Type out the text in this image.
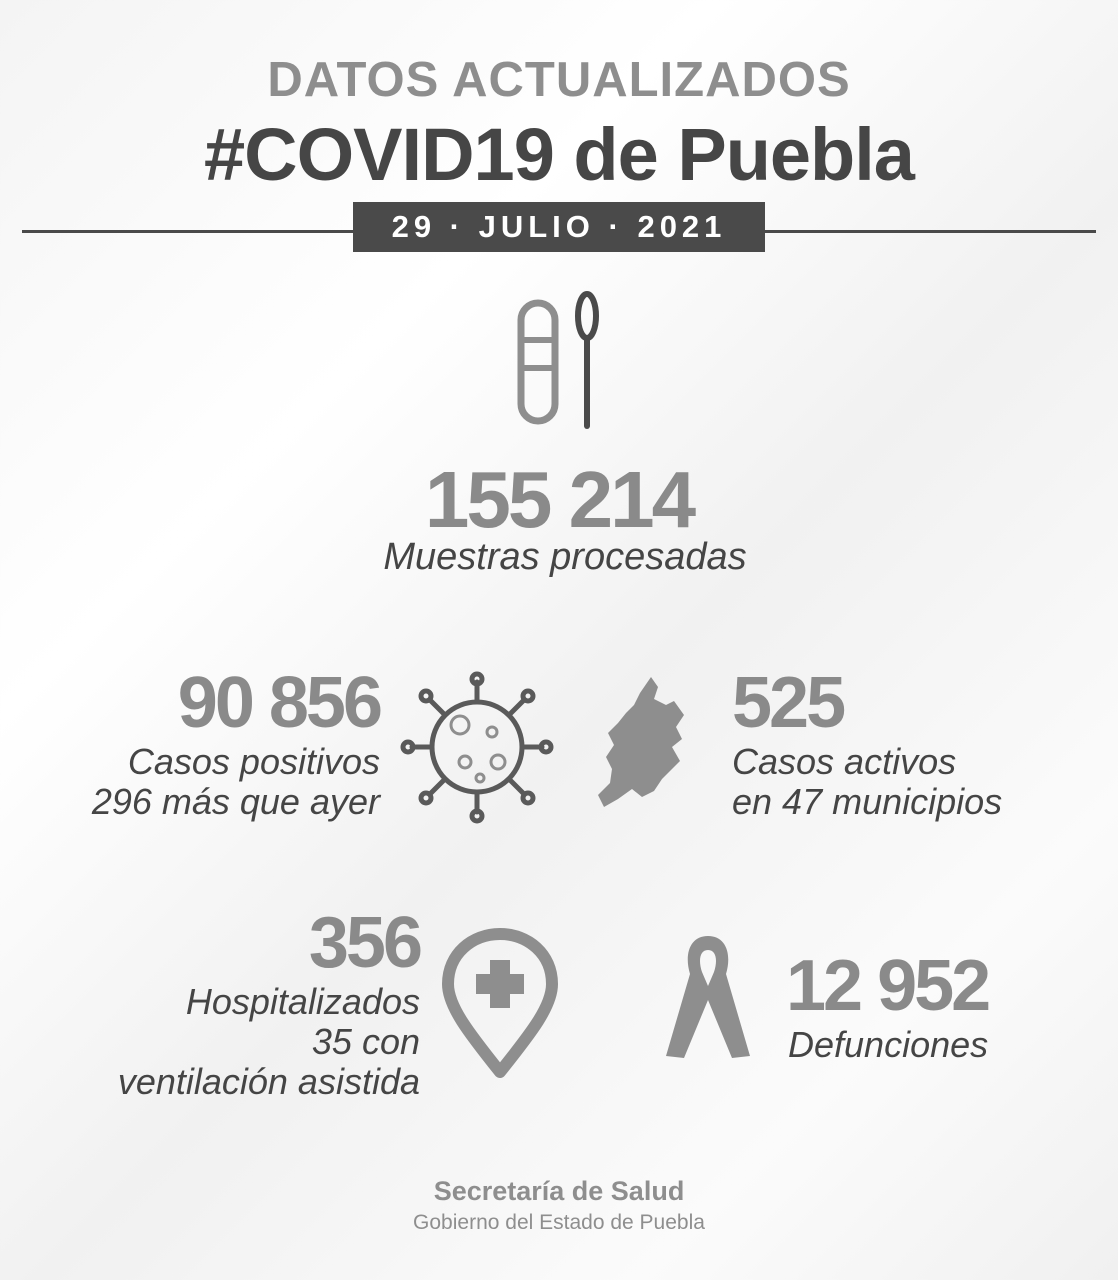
DATOS ACTUALIZADOS
#COVID19 de Puebla
29 · JULIO · 2021
155 214
Muestras procesadas
90 856
Casos positivos
296 más que ayer
525
Casos activos
en 47 municipios
356
Hospitalizados
35 con
ventilación asistida
12 952
Defunciones
Secretaría de Salud
Gobierno del Estado de Puebla
